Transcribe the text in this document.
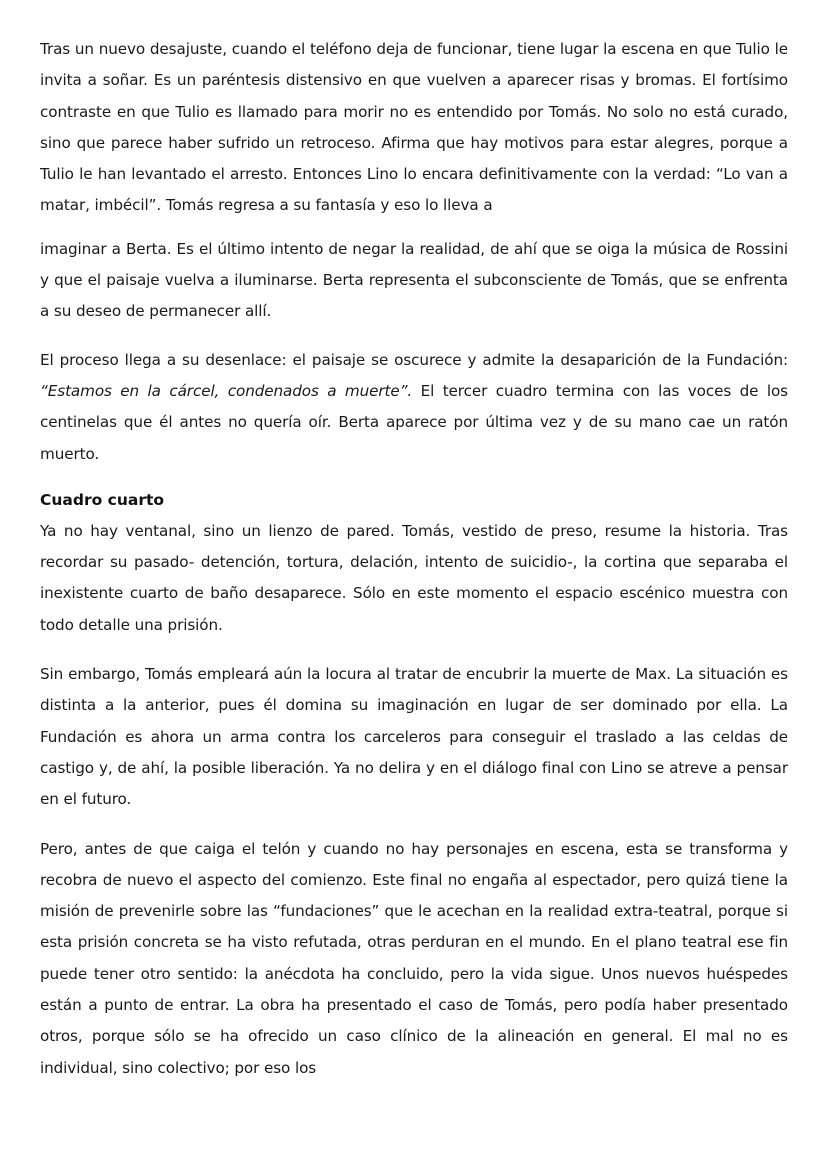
Tras un nuevo desajuste, cuando el teléfono deja de funcionar, tiene lugar la escena en que Tulio le invita a soñar. Es un paréntesis distensivo en que vuelven a aparecer risas y bromas. El fortísimo contraste en que Tulio es llamado para morir no es entendido por Tomás. No solo no está curado, sino que parece haber sufrido un retroceso. Afirma que hay motivos para estar alegres, porque a Tulio le han levantado el arresto. Entonces Lino lo encara definitivamente con la verdad: “Lo van a matar, imbécil”. Tomás regresa a su fantasía y eso lo lleva a

imaginar a Berta. Es el último intento de negar la realidad, de ahí que se oiga la música de Rossini y que el paisaje vuelva a iluminarse. Berta representa el subconsciente de Tomás, que se enfrenta a su deseo de permanecer allí.

El proceso llega a su desenlace: el paisaje se oscurece y admite la desaparición de la Fundación: “Estamos en la cárcel, condenados a muerte”. El tercer cuadro termina con las voces de los centinelas que él antes no quería oír. Berta aparece por última vez y de su mano cae un ratón muerto.

Cuadro cuarto

Ya no hay ventanal, sino un lienzo de pared. Tomás, vestido de preso, resume la historia. Tras recordar su pasado- detención, tortura, delación, intento de suicidio-, la cortina que separaba el inexistente cuarto de baño desaparece. Sólo en este momento el espacio escénico muestra con todo detalle una prisión.

Sin embargo, Tomás empleará aún la locura al tratar de encubrir la muerte de Max. La situación es distinta a la anterior, pues él domina su imaginación en lugar de ser dominado por ella. La Fundación es ahora un arma contra los carceleros para conseguir el traslado a las celdas de castigo y, de ahí, la posible liberación. Ya no delira y en el diálogo final con Lino se atreve a pensar en el futuro.

Pero, antes de que caiga el telón y cuando no hay personajes en escena, esta se transforma y recobra de nuevo el aspecto del comienzo. Este final no engaña al espectador, pero quizá tiene la misión de prevenirle sobre las “fundaciones” que le acechan en la realidad extra-teatral, porque si esta prisión concreta se ha visto refutada, otras perduran en el mundo. En el plano teatral ese fin puede tener otro sentido: la anécdota ha concluido, pero la vida sigue. Unos nuevos huéspedes están a punto de entrar. La obra ha presentado el caso de Tomás, pero podía haber presentado otros, porque sólo se ha ofrecido un caso clínico de la alineación en general. El mal no es individual, sino colectivo; por eso los
